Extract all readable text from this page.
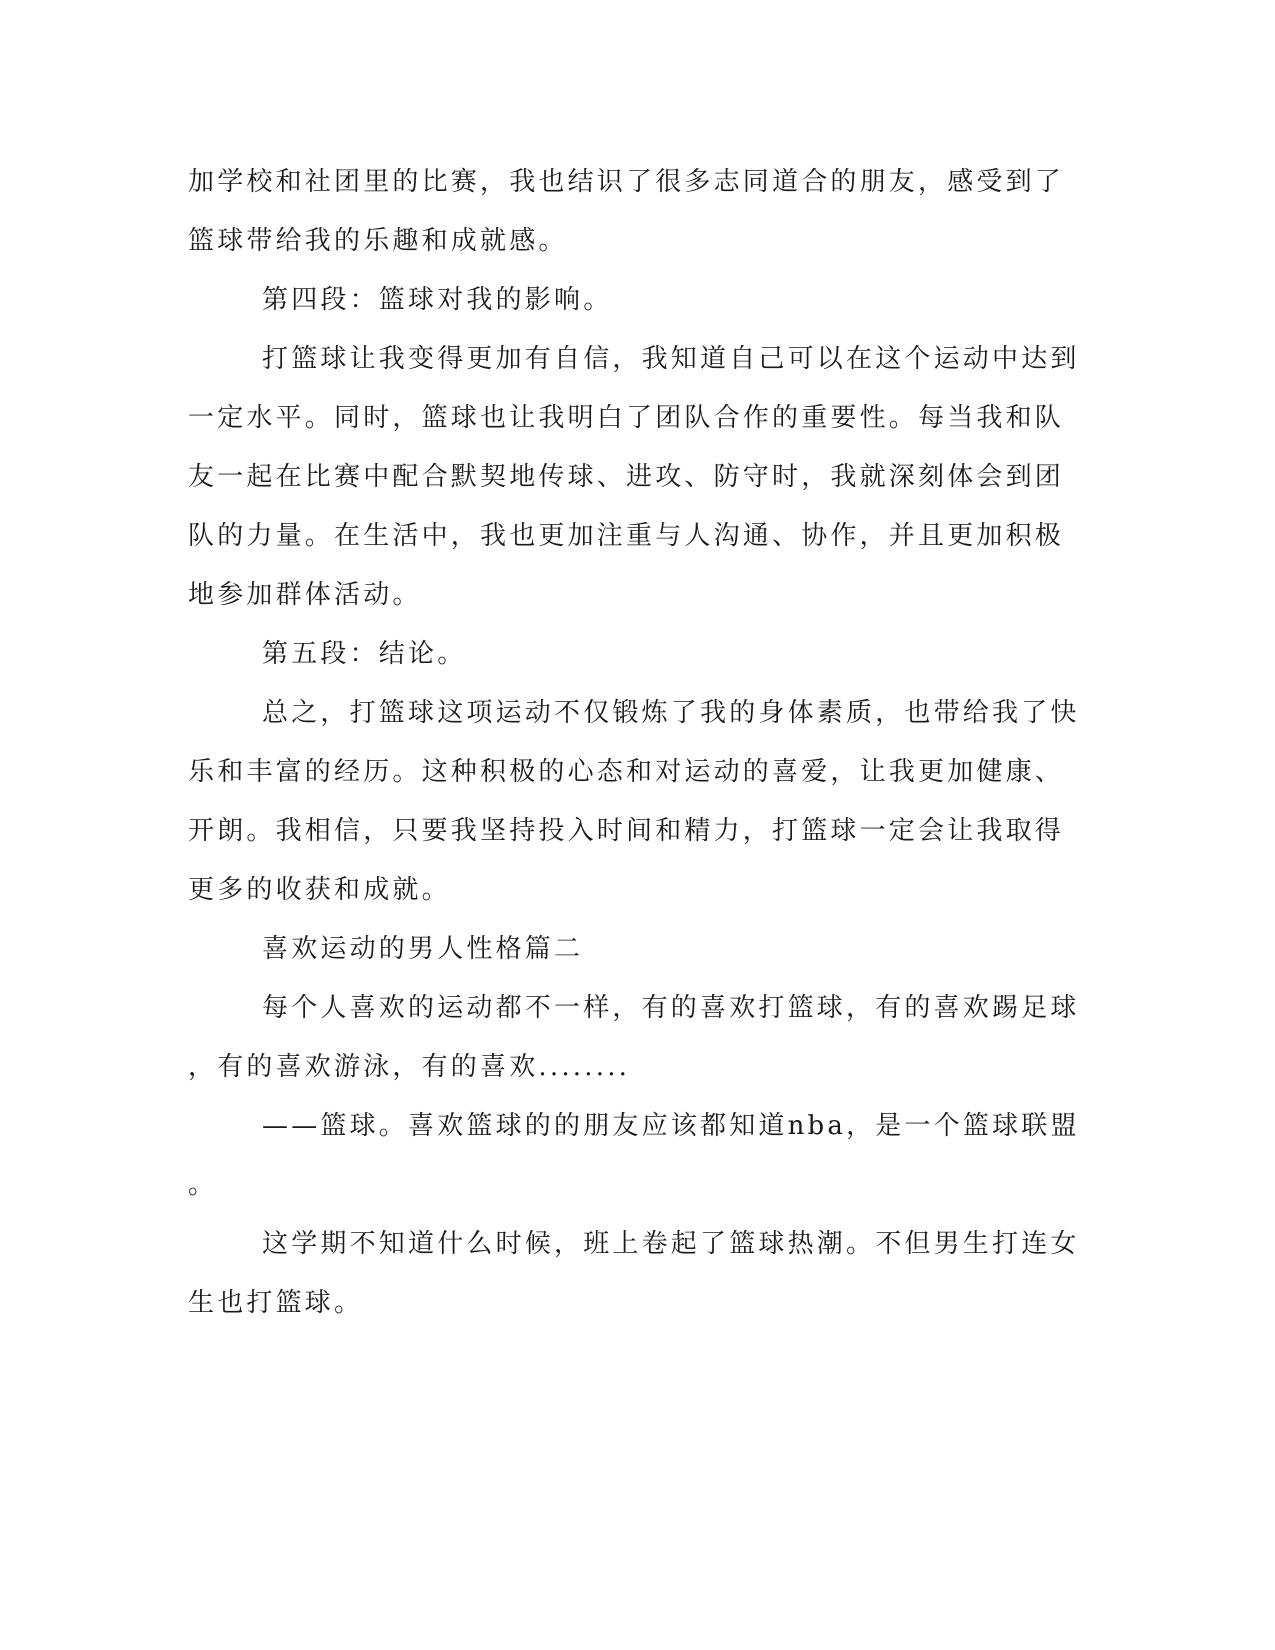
加学校和社团里的比赛，我也结识了很多志同道合的朋友，感受到了
篮球带给我的乐趣和成就感。
第四段：篮球对我的影响。
打篮球让我变得更加有自信，我知道自己可以在这个运动中达到
一定水平。同时，篮球也让我明白了团队合作的重要性。每当我和队
友一起在比赛中配合默契地传球、进攻、防守时，我就深刻体会到团
队的力量。在生活中，我也更加注重与人沟通、协作，并且更加积极
地参加群体活动。
第五段：结论。
总之，打篮球这项运动不仅锻炼了我的身体素质，也带给我了快
乐和丰富的经历。这种积极的心态和对运动的喜爱，让我更加健康、
开朗。我相信，只要我坚持投入时间和精力，打篮球一定会让我取得
更多的收获和成就。
喜欢运动的男人性格篇二
每个人喜欢的运动都不一样，有的喜欢打篮球，有的喜欢踢足球
，有的喜欢游泳，有的喜欢........
——篮球。喜欢篮球的的朋友应该都知道nba，是一个篮球联盟
。
这学期不知道什么时候，班上卷起了篮球热潮。不但男生打连女
生也打篮球。
